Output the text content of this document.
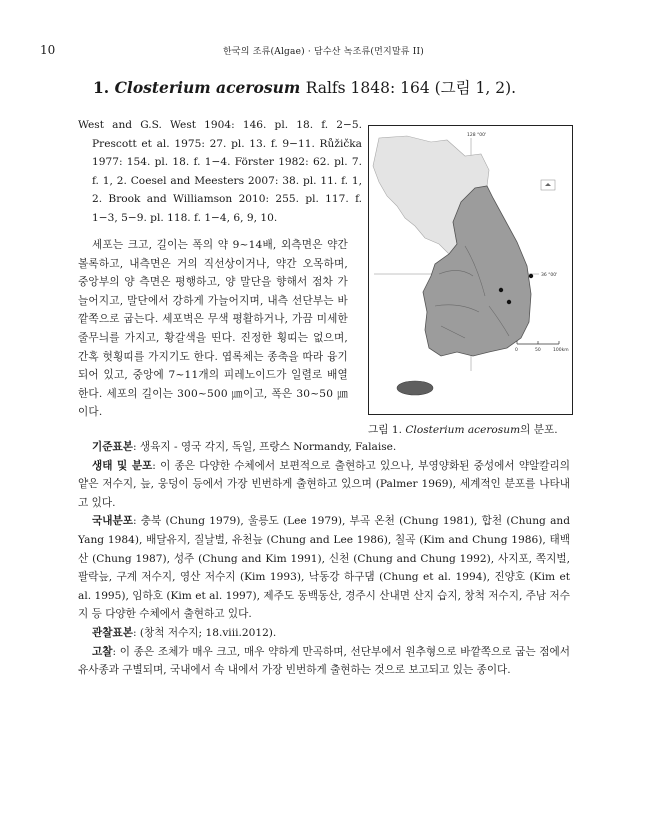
10	한국의 조류(Algae) · 담수산 녹조류(먼지말류 II)
1. Closterium acerosum Ralfs 1848: 164 (그림 1, 2).
West and G.S. West 1904: 146. pl. 18. f. 2−5. Prescott et al. 1975: 27. pl. 13. f. 9−11. Růžička 1977: 154. pl. 18. f. 1−4. Förster 1982: 62. pl. 7. f. 1, 2. Coesel and Meesters 2007: 38. pl. 11. f. 1, 2. Brook and Williamson 2010: 255. pl. 117. f. 1−3, 5−9. pl. 118. f. 1−4, 6, 9, 10.
세포는 크고, 길이는 폭의 약 9~14배, 외측면은 약간 볼록하고, 내측면은 거의 직선상이거나, 약간 오목하며, 중앙부의 양 측면은 평행하고, 양 말단을 향해서 점차 가늘어지고, 말단에서 강하게 가늘어지며, 내측 선단부는 바깥쪽으로 굽는다. 세포벽은 무색 평활하거나, 가끔 미세한 줄무늬를 가지고, 황갈색을 띤다. 진정한 횡띠는 없으며, 간혹 헛횡띠를 가지기도 한다. 엽록체는 종축을 따라 융기되어 있고, 중앙에 7~11개의 피레노이드가 일렬로 배열한다. 세포의 길이는 300~500 ㎛이고, 폭은 30~50 ㎛이다.
128 °00'
36 °00'
0	50	100km
그림 1. Closterium acerosum의 분포.

기준표본: 생육지 - 영국 각지, 독일, 프랑스 Normandy, Falaise.

생태 및 분포: 이 종은 다양한 수체에서 보편적으로 출현하고 있으나, 부영양화된 중성에서 약알칼리의 얕은 저수지, 늪, 웅덩이 등에서 가장 빈번하게 출현하고 있으며 (Palmer 1969), 세계적인 분포를 나타내고 있다.

국내분포: 충북 (Chung 1979), 울릉도 (Lee 1979), 부곡 온천 (Chung 1981), 합천 (Chung and Yang 1984), 배달유지, 질날벌, 유천늪 (Chung and Lee 1986), 칠곡 (Kim and Chung 1986), 태백산 (Chung 1987), 성주 (Chung and Kim 1991), 신천 (Chung and Chung 1992), 사지포, 쪽지벌, 팔락늪, 구계 저수지, 영산 저수지 (Kim 1993), 낙동강 하구댐 (Chung et al. 1994), 진양호 (Kim et al. 1995), 임하호 (Kim et al. 1997), 제주도 동백동산, 경주시 산내면 산지 습지, 창척 저수지, 주남 저수지 등 다양한 수체에서 출현하고 있다.

관찰표본: (창척 저수지; 18.viii.2012).

고찰: 이 종은 조체가 매우 크고, 매우 약하게 만곡하며, 선단부에서 원추형으로 바깥쪽으로 굽는 점에서 유사종과 구별되며, 국내에서 속 내에서 가장 빈번하게 출현하는 것으로 보고되고 있는 종이다.
